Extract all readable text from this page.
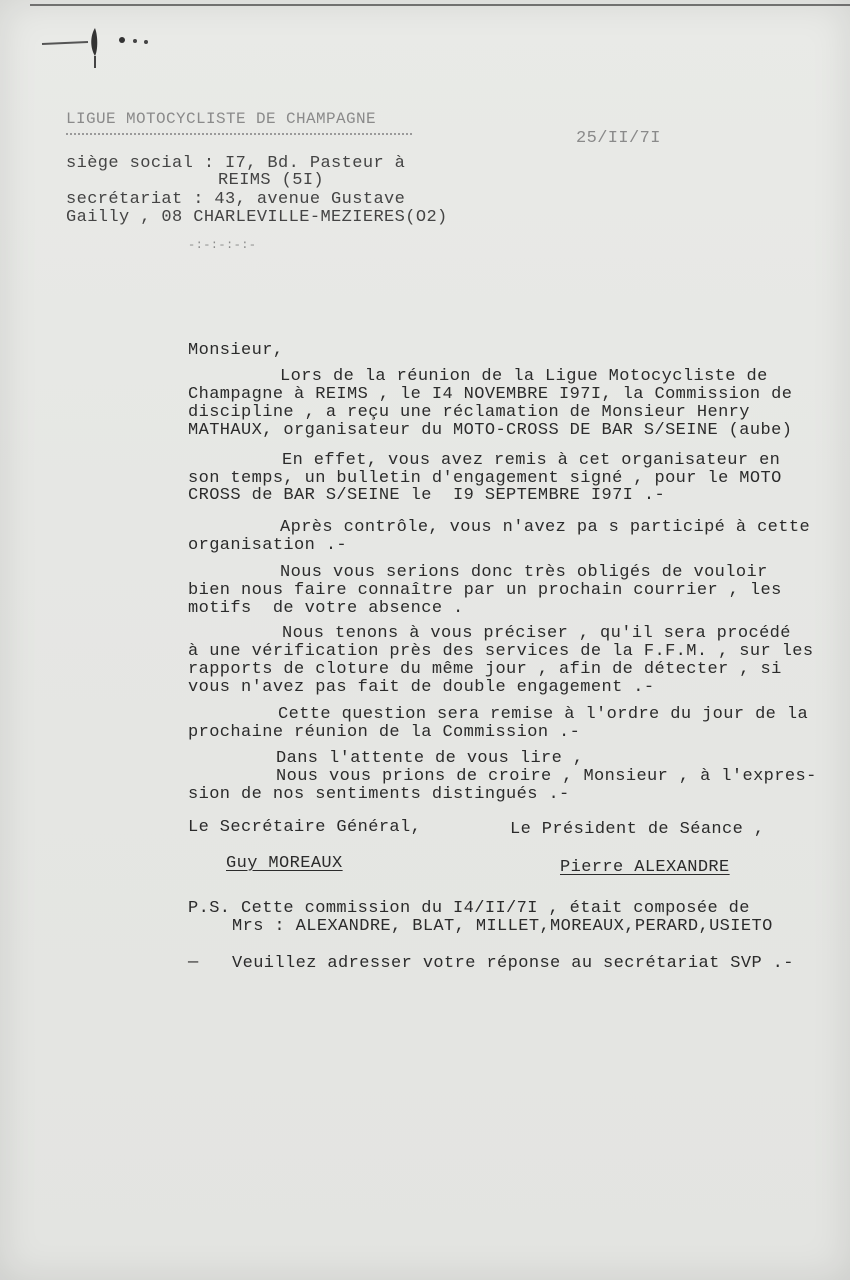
LIGUE MOTOCYCLISTE DE CHAMPAGNE
25/II/7I
siège social : I7, Bd. Pasteur à
REIMS (5I)
secrétariat : 43, avenue Gustave
Gailly , 08 CHARLEVILLE-MEZIERES(O2)
-:-:-:-:-
Monsieur,
Lors de la réunion de la Ligue Motocycliste de
Champagne à REIMS , le I4 NOVEMBRE I97I, la Commission de
discipline , a reçu une réclamation de Monsieur Henry
MATHAUX, organisateur du MOTO-CROSS DE BAR S/SEINE (aube)
En effet, vous avez remis à cet organisateur en
son temps, un bulletin d'engagement signé , pour le MOTO
CROSS de BAR S/SEINE le  I9 SEPTEMBRE I97I .-
Après contrôle, vous n'avez pa s participé à cette
organisation .-
Nous vous serions donc très obligés de vouloir
bien nous faire connaître par un prochain courrier , les
motifs  de votre absence .
Nous tenons à vous préciser , qu'il sera procédé
à une vérification près des services de la F.F.M. , sur les
rapports de cloture du même jour , afin de détecter , si
vous n'avez pas fait de double engagement .-
Cette question sera remise à l'ordre du jour de la
prochaine réunion de la Commission .-
Dans l'attente de vous lire ,
Nous vous prions de croire , Monsieur , à l'expres-
sion de nos sentiments distingués .-
Le Secrétaire Général,	Le Président de Séance ,
Guy MOREAUX	Pierre ALEXANDRE
P.S. Cette commission du I4/II/7I , était composée de
Mrs : ALEXANDRE, BLAT, MILLET,MOREAUX,PERARD,USIETO
— Veuillez adresser votre réponse au secrétariat SVP .-
